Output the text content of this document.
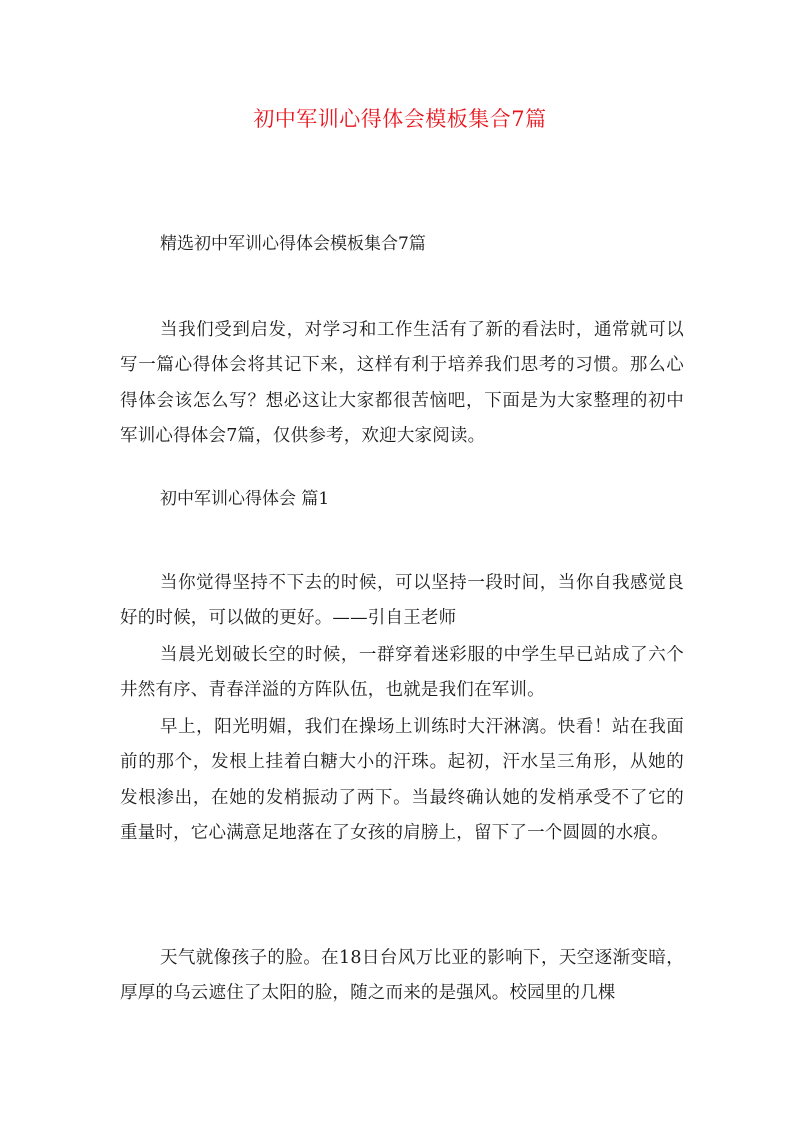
初中军训心得体会模板集合7篇
精选初中军训心得体会模板集合7篇

当我们受到启发，对学习和工作生活有了新的看法时，通常就可以写一篇心得体会将其记下来，这样有利于培养我们思考的习惯。那么心得体会该怎么写？想必这让大家都很苦恼吧，下面是为大家整理的初中军训心得体会7篇，仅供参考，欢迎大家阅读。

初中军训心得体会 篇1

当你觉得坚持不下去的时候，可以坚持一段时间，当你自我感觉良好的时候，可以做的更好。——引自王老师

当晨光划破长空的时候，一群穿着迷彩服的中学生早已站成了六个井然有序、青春洋溢的方阵队伍，也就是我们在军训。

早上，阳光明媚，我们在操场上训练时大汗淋漓。快看！站在我面前的那个，发根上挂着白糖大小的汗珠。起初，汗水呈三角形，从她的发根渗出，在她的发梢振动了两下。当最终确认她的发梢承受不了它的重量时，它心满意足地落在了女孩的肩膀上，留下了一个圆圆的水痕。

天气就像孩子的脸。在18日台风万比亚的影响下，天空逐渐变暗，厚厚的乌云遮住了太阳的脸，随之而来的是强风。校园里的几棵
